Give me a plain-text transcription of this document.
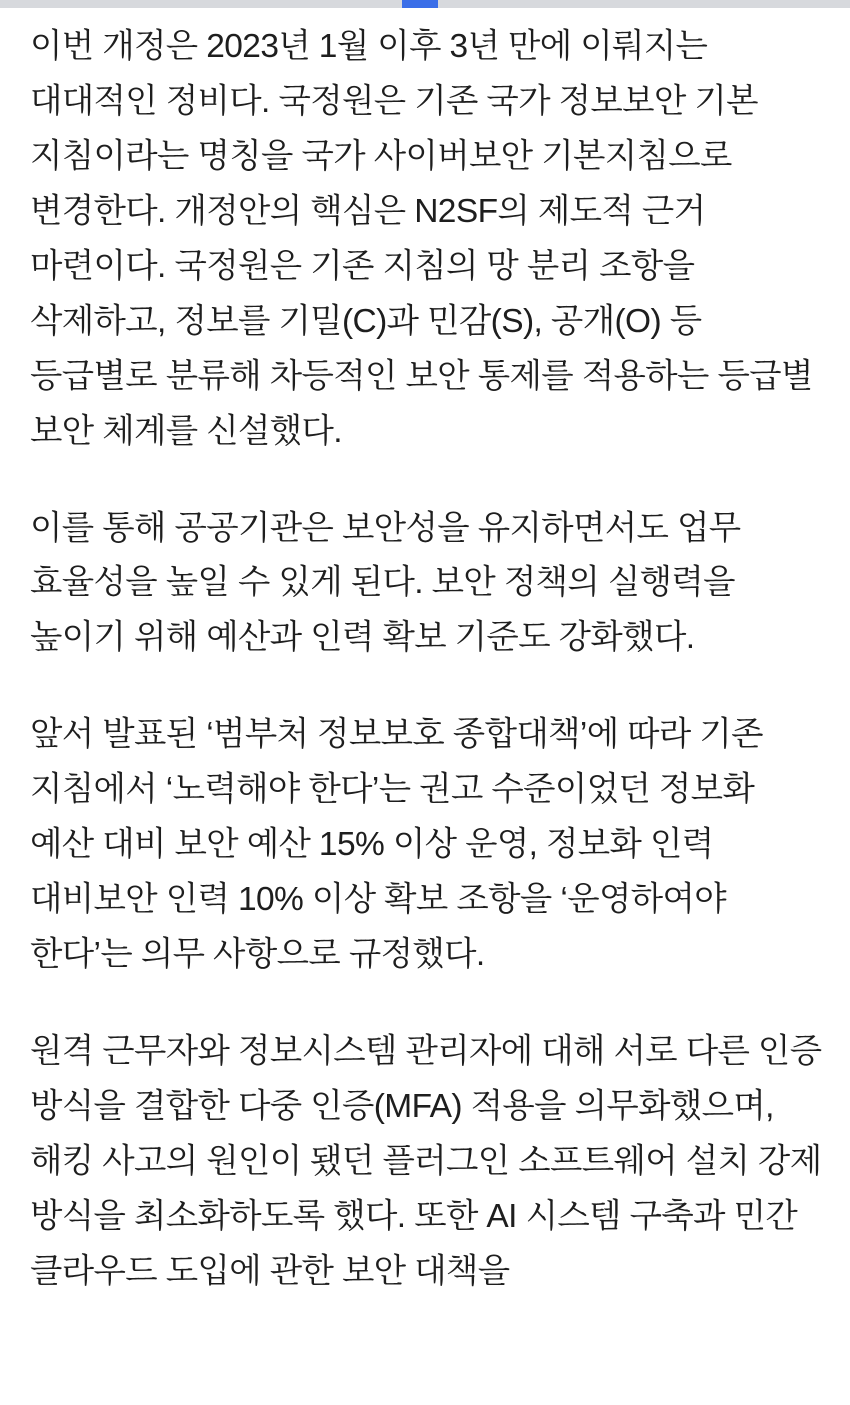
이번 개정은 2023년 1월 이후 3년 만에 이뤄지는 대대적인 정비다. 국정원은 기존 국가 정보보안 기본 지침이라는 명칭을 국가 사이버보안 기본지침으로 변경한다. 개정안의 핵심은 N2SF의 제도적 근거 마련이다. 국정원은 기존 지침의 망 분리 조항을 삭제하고, 정보를 기밀(C)과 민감(S), 공개(O) 등 등급별로 분류해 차등적인 보안 통제를 적용하는 등급별 보안 체계를 신설했다.

이를 통해 공공기관은 보안성을 유지하면서도 업무 효율성을 높일 수 있게 된다. 보안 정책의 실행력을 높이기 위해 예산과 인력 확보 기준도 강화했다.

앞서 발표된 ‘범부처 정보보호 종합대책’에 따라 기존 지침에서 ‘노력해야 한다’는 권고 수준이었던 정보화 예산 대비 보안 예산 15% 이상 운영, 정보화 인력 대비보안 인력 10% 이상 확보 조항을 ‘운영하여야 한다’는 의무 사항으로 규정했다.

원격 근무자와 정보시스템 관리자에 대해 서로 다른 인증 방식을 결합한 다중 인증(MFA) 적용을 의무화했으며, 해킹 사고의 원인이 됐던 플러그인 소프트웨어 설치 강제 방식을 최소화하도록 했다. 또한 AI 시스템 구축과 민간 클라우드 도입에 관한 보안 대책을
